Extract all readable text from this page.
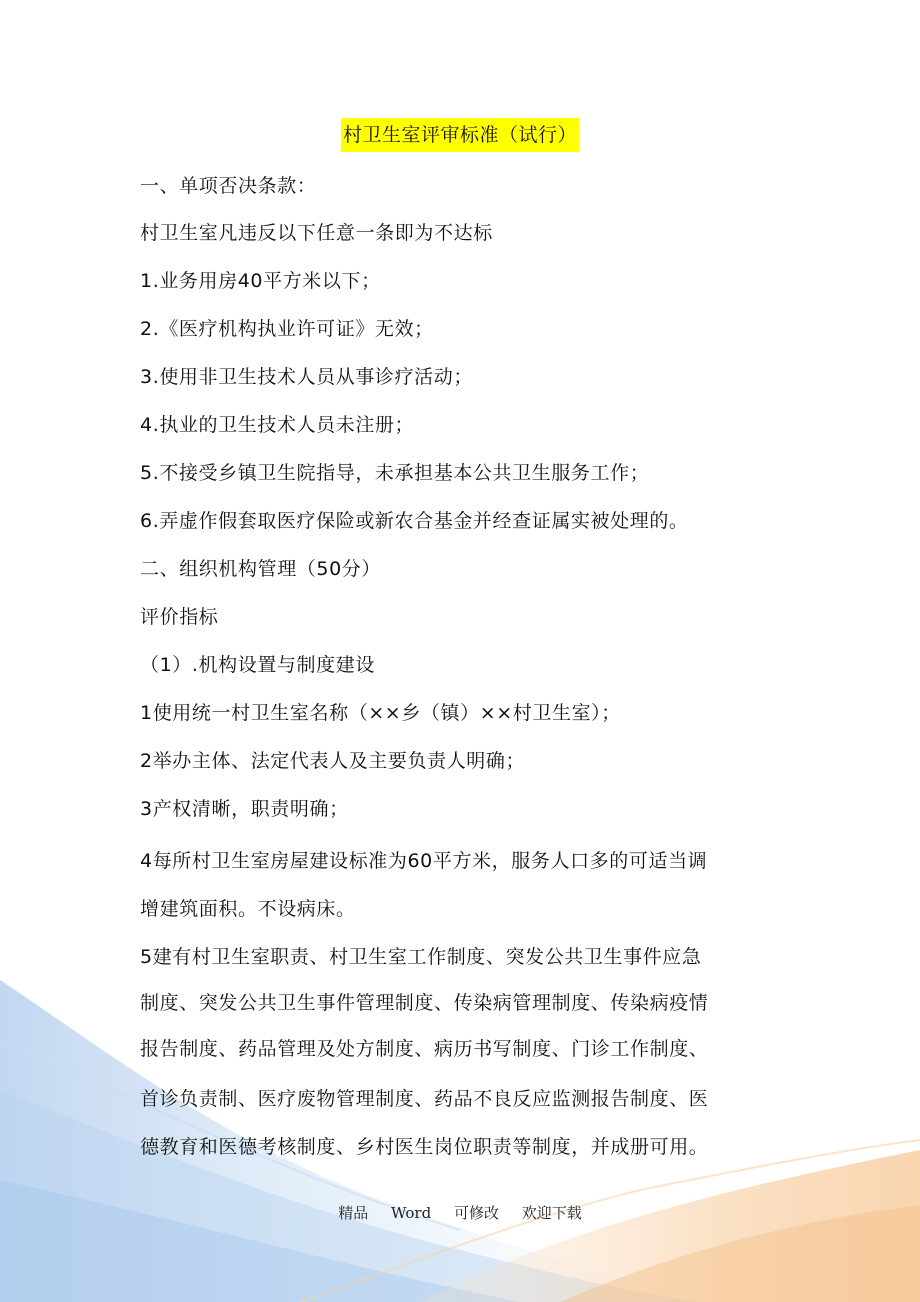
村卫生室评审标准（试行）
一、单项否决条款：
村卫生室凡违反以下任意一条即为不达标
1.业务用房40平方米以下；
2.《医疗机构执业许可证》无效；
3.使用非卫生技术人员从事诊疗活动；
4.执业的卫生技术人员未注册；
5.不接受乡镇卫生院指导，未承担基本公共卫生服务工作；
6.弄虚作假套取医疗保险或新农合基金并经查证属实被处理的。
二、组织机构管理（50分）
评价指标
（1）.机构设置与制度建设
1使用统一村卫生室名称（××乡（镇）××村卫生室）；
2举办主体、法定代表人及主要负责人明确；
3产权清晰，职责明确；
4每所村卫生室房屋建设标准为60平方米，服务人口多的可适当调
增建筑面积。不设病床。
5建有村卫生室职责、村卫生室工作制度、突发公共卫生事件应急
制度、突发公共卫生事件管理制度、传染病管理制度、传染病疫情
报告制度、药品管理及处方制度、病历书写制度、门诊工作制度、
首诊负责制、医疗废物管理制度、药品不良反应监测报告制度、医
德教育和医德考核制度、乡村医生岗位职责等制度，并成册可用。
精品 Word 可修改 欢迎下载
